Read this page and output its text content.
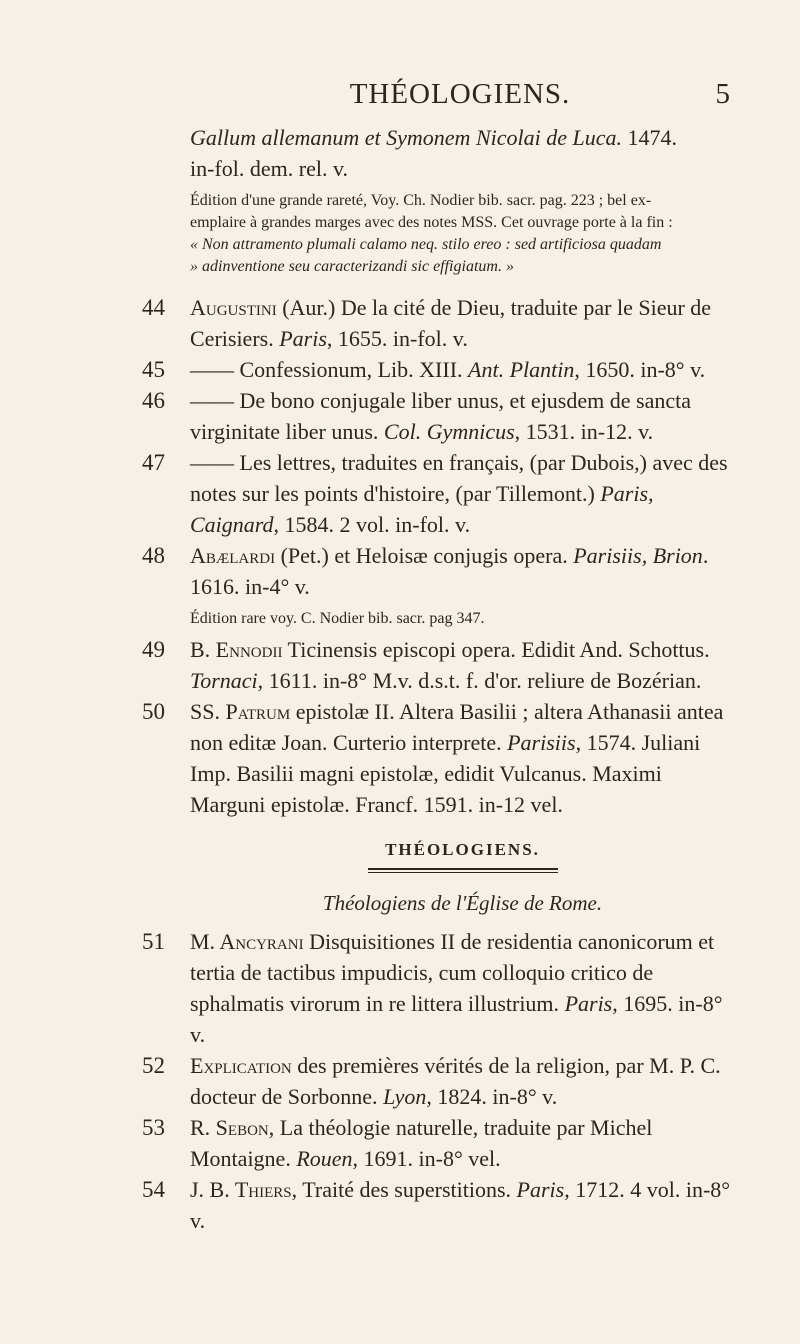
THÉOLOGIENS.	5
Gallum allemanum et Symonem Nicolai de Luca. 1474.
in-fol. dem. rel. v.
Édition d'une grande rareté, Voy. Ch. Nodier bib. sacr. pag. 223 ; bel ex-
emplaire à grandes marges avec des notes MSS. Cet ouvrage porte à la fin :
« Non attramento plumali calamo neq. stilo ereo : sed artificiosa quadam
» adinventione seu caracterizandi sic effigiatum. »
44	Augustini (Aur.) De la cité de Dieu, traduite par le Sieur de Cerisiers. Paris, 1655. in-fol. v.
45	—— Confessionum, Lib. XIII. Ant. Plantin, 1650. in-8° v.
46	—— De bono conjugale liber unus, et ejusdem de sancta virginitate liber unus. Col. Gymnicus, 1531. in-12. v.
47	—— Les lettres, traduites en français, (par Dubois,) avec des notes sur les points d'histoire, (par Tillemont.) Paris, Caignard, 1584. 2 vol. in-fol. v.
48	Abælardi (Pet.) et Heloisæ conjugis opera. Parisiis, Brion. 1616. in-4° v.
Édition rare voy. C. Nodier bib. sacr. pag 347.
49	B. Ennodii Ticinensis episcopi opera. Edidit And. Schottus. Tornaci, 1611. in-8° M.v. d.s.t. f. d'or. reliure de Bozérian.
50	SS. Patrum epistolæ II. Altera Basilii ; altera Athanasii antea non editæ Joan. Curterio interprete. Parisiis, 1574. Juliani Imp. Basilii magni epistolæ, edidit Vulcanus. Maximi Marguni epistolæ. Francf. 1591. in-12 vel.
THÉOLOGIENS.
Théologiens de l'Église de Rome.
51	M. Ancyrani Disquisitiones II de residentia canonicorum et tertia de tactibus impudicis, cum colloquio critico de sphalmatis virorum in re littera illustrium. Paris, 1695. in-8° v.
52	Explication des premières vérités de la religion, par M. P. C. docteur de Sorbonne. Lyon, 1824. in-8° v.
53	R. Sebon, La théologie naturelle, traduite par Michel Montaigne. Rouen, 1691. in-8° vel.
54	J. B. Thiers, Traité des superstitions. Paris, 1712. 4 vol. in-8° v.
